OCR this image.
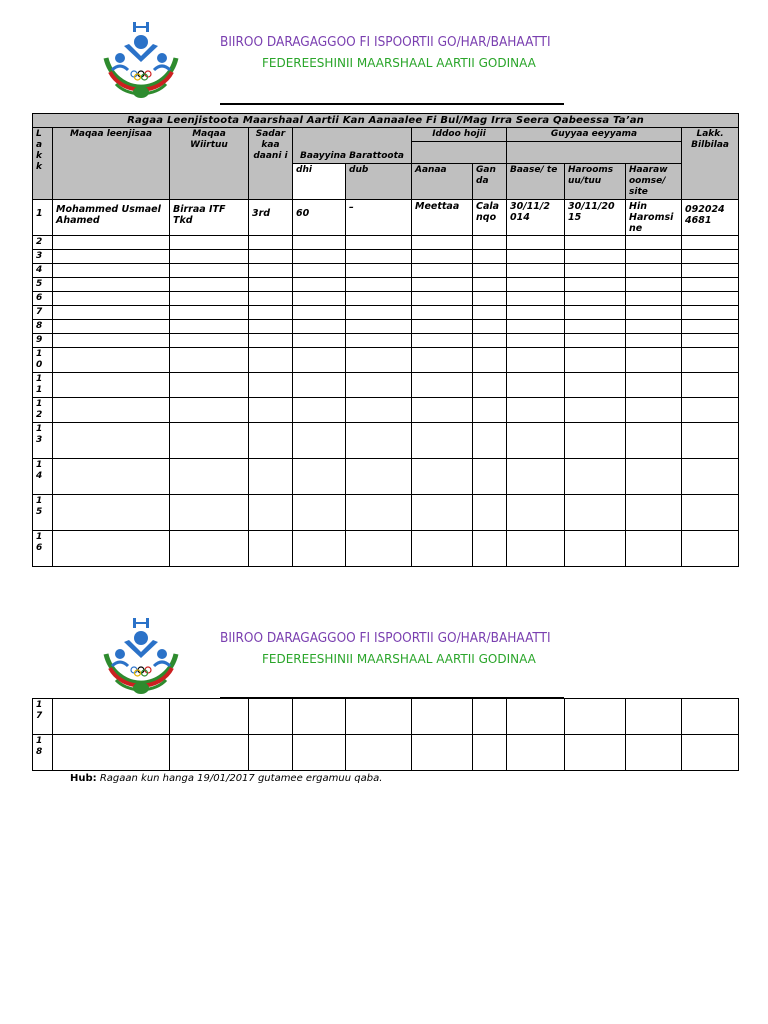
BIIROO DARAGAGGOO FI ISPOORTII GO/HAR/BAHAATTI
FEDEREESHINII MAARSHAAL AARTII GODINAA
Ragaa Leenjistoota Maarshaal Aartii Kan Aanaalee Fi Bul/Mag Irra Seera Qabeessa Ta’an											
L a k k	Maqaa leenjisaa	Maqaa Wiirtuu	Sadar kaa daani i	Baayyina Barattoota		Iddoo hojii		Guyyaa eeyyama			Lakk. Bilbilaa
				dhi	dub	Aanaa	Gan da	Baase/ te	Harooms uu/tuu	Haaraw oomse/ site	
1	Mohammed Usmael Ahamed	Birraa ITF Tkd	3rd	60	–	Meettaa	Cala nqo	30/11/2 014	30/11/20 15	Hin Haromsi ne	092024 4681
2											
3											
4											
5											
6											
7											
8											
9											
1 0											
1 1											
1 2											
1 3											
1 4											
1 5											
1 6											
BIIROO DARAGAGGOO FI ISPOORTII GO/HAR/BAHAATTI
FEDEREESHINII MAARSHAAL AARTII GODINAA
1 7											
1 8											
Hub: Ragaan kun hanga 19/01/2017 gutamee ergamuu qaba.
